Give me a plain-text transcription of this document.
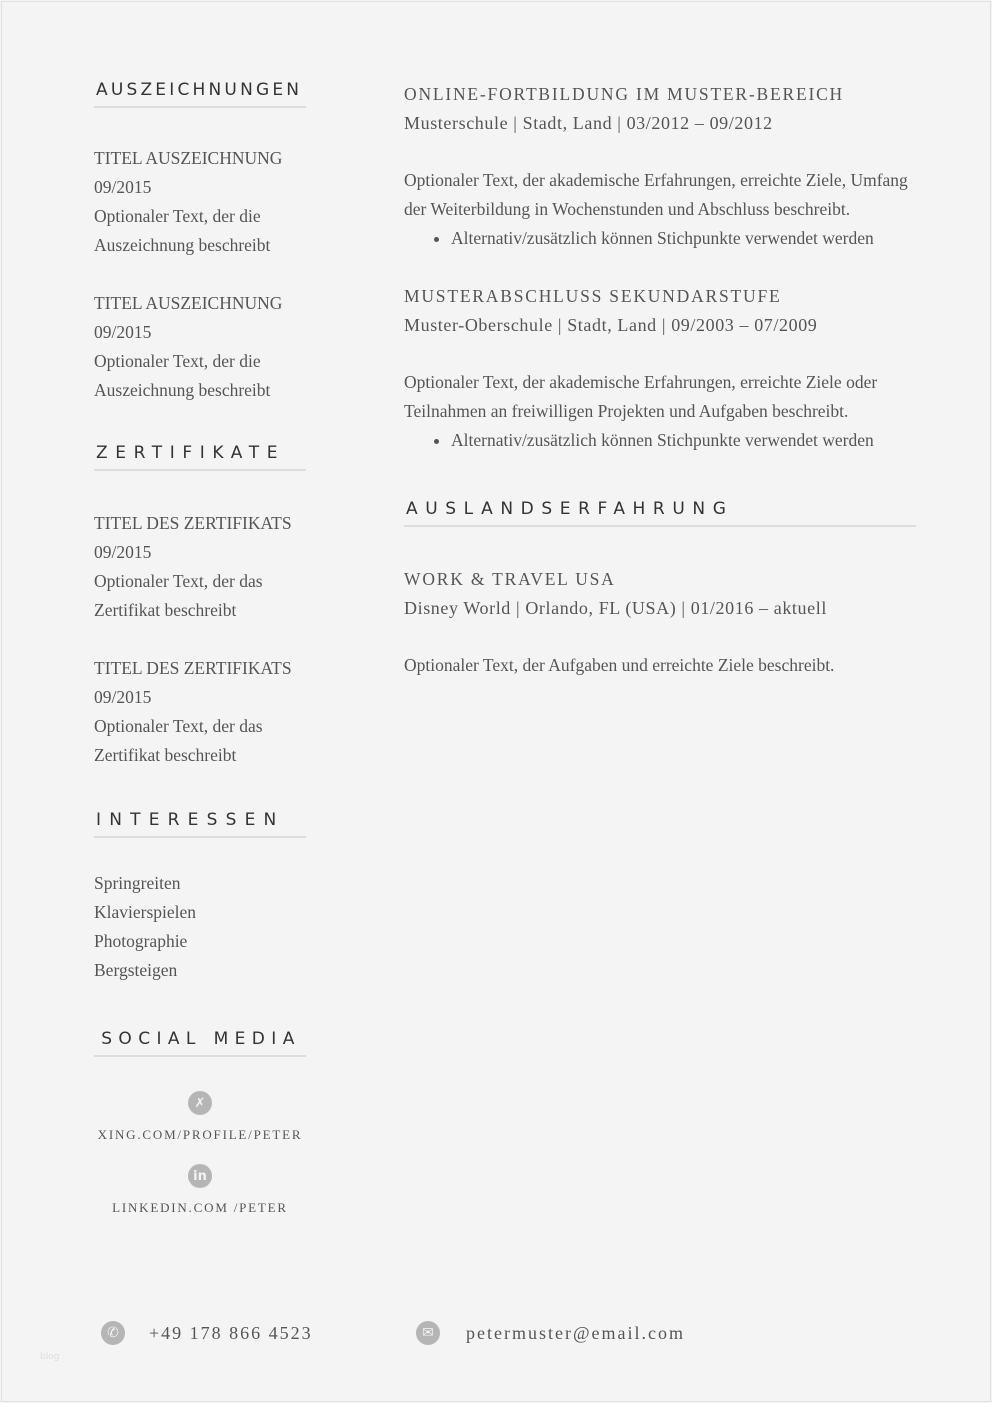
AUSZEICHNUNGEN
TITEL AUSZEICHNUNG
09/2015
Optionaler Text, der die
Auszeichnung beschreibt
TITEL AUSZEICHNUNG
09/2015
Optionaler Text, der die
Auszeichnung beschreibt
ZERTIFIKATE
TITEL DES ZERTIFIKATS
09/2015
Optionaler Text, der das
Zertifikat beschreibt
TITEL DES ZERTIFIKATS
09/2015
Optionaler Text, der das
Zertifikat beschreibt
INTERESSEN
Springreiten
Klavierspielen
Photographie
Bergsteigen
SOCIAL MEDIA
✗
XING.COM/PROFILE/PETER
in
LINKEDIN.COM /PETER
ONLINE-FORTBILDUNG IM MUSTER-BEREICH
Musterschule | Stadt, Land | 03/2012 – 09/2012
Optionaler Text, der akademische Erfahrungen, erreichte Ziele, Umfang
der Weiterbildung in Wochenstunden und Abschluss beschreibt.
• Alternativ/zusätzlich können Stichpunkte verwendet werden
MUSTERABSCHLUSS SEKUNDARSTUFE
Muster-Oberschule | Stadt, Land | 09/2003 – 07/2009
Optionaler Text, der akademische Erfahrungen, erreichte Ziele oder
Teilnahmen an freiwilligen Projekten und Aufgaben beschreibt.
• Alternativ/zusätzlich können Stichpunkte verwendet werden
AUSLANDSERFAHRUNG
WORK & TRAVEL USA
Disney World | Orlando, FL (USA) | 01/2016 – aktuell
Optionaler Text, der Aufgaben und erreichte Ziele beschreibt.
✆	+49 178 866 4523	✉	petermuster@email.com
blog
